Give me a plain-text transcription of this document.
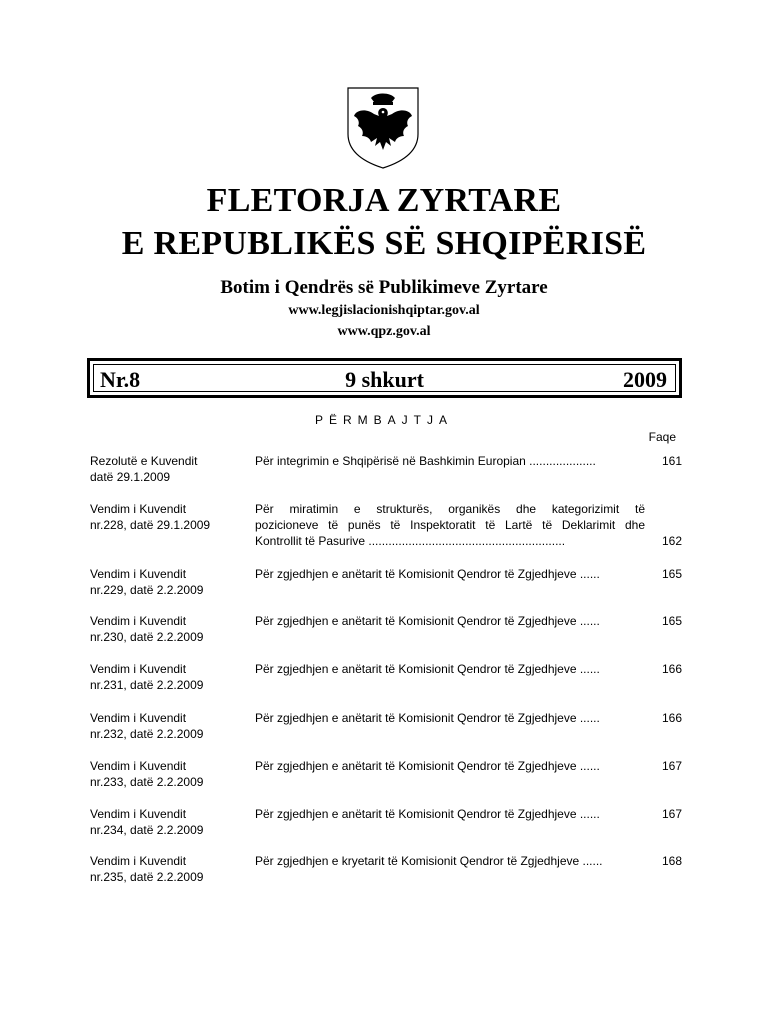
FLETORJA ZYRTARE
E REPUBLIKËS SË SHQIPËRISË
Botim i Qendrës së Publikimeve Zyrtare
www.legjislacionishqiptar.gov.al
www.qpz.gov.al
Nr.8	9 shkurt	2009
PËRMBAJTJA
Faqe
Rezolutë e Kuvendit
datë 29.1.2009
Për integrimin e Shqipërisë në Bashkimin Europian ....................	161
Vendim i Kuvendit
nr.228, datë 29.1.2009
Për miratimin e strukturës, organikës dhe kategorizimit të
pozicioneve të punës të Inspektoratit të Lartë të Deklarimit dhe
Kontrollit të Pasurive ...........................................................	162
Vendim i Kuvendit
nr.229, datë 2.2.2009
Për zgjedhjen e anëtarit të Komisionit Qendror të Zgjedhjeve ......	165
Vendim i Kuvendit
nr.230, datë 2.2.2009
Për zgjedhjen e anëtarit të Komisionit Qendror të Zgjedhjeve ......	165
Vendim i Kuvendit
nr.231, datë 2.2.2009
Për zgjedhjen e anëtarit të Komisionit Qendror të Zgjedhjeve ......	166
Vendim i Kuvendit
nr.232, datë 2.2.2009
Për zgjedhjen e anëtarit të Komisionit Qendror të Zgjedhjeve ......	166
Vendim i Kuvendit
nr.233, datë 2.2.2009
Për zgjedhjen e anëtarit të Komisionit Qendror të Zgjedhjeve ......	167
Vendim i Kuvendit
nr.234, datë 2.2.2009
Për zgjedhjen e anëtarit të Komisionit Qendror të Zgjedhjeve ......	167
Vendim i Kuvendit
nr.235, datë 2.2.2009
Për zgjedhjen e kryetarit të Komisionit Qendror të Zgjedhjeve ......	168
